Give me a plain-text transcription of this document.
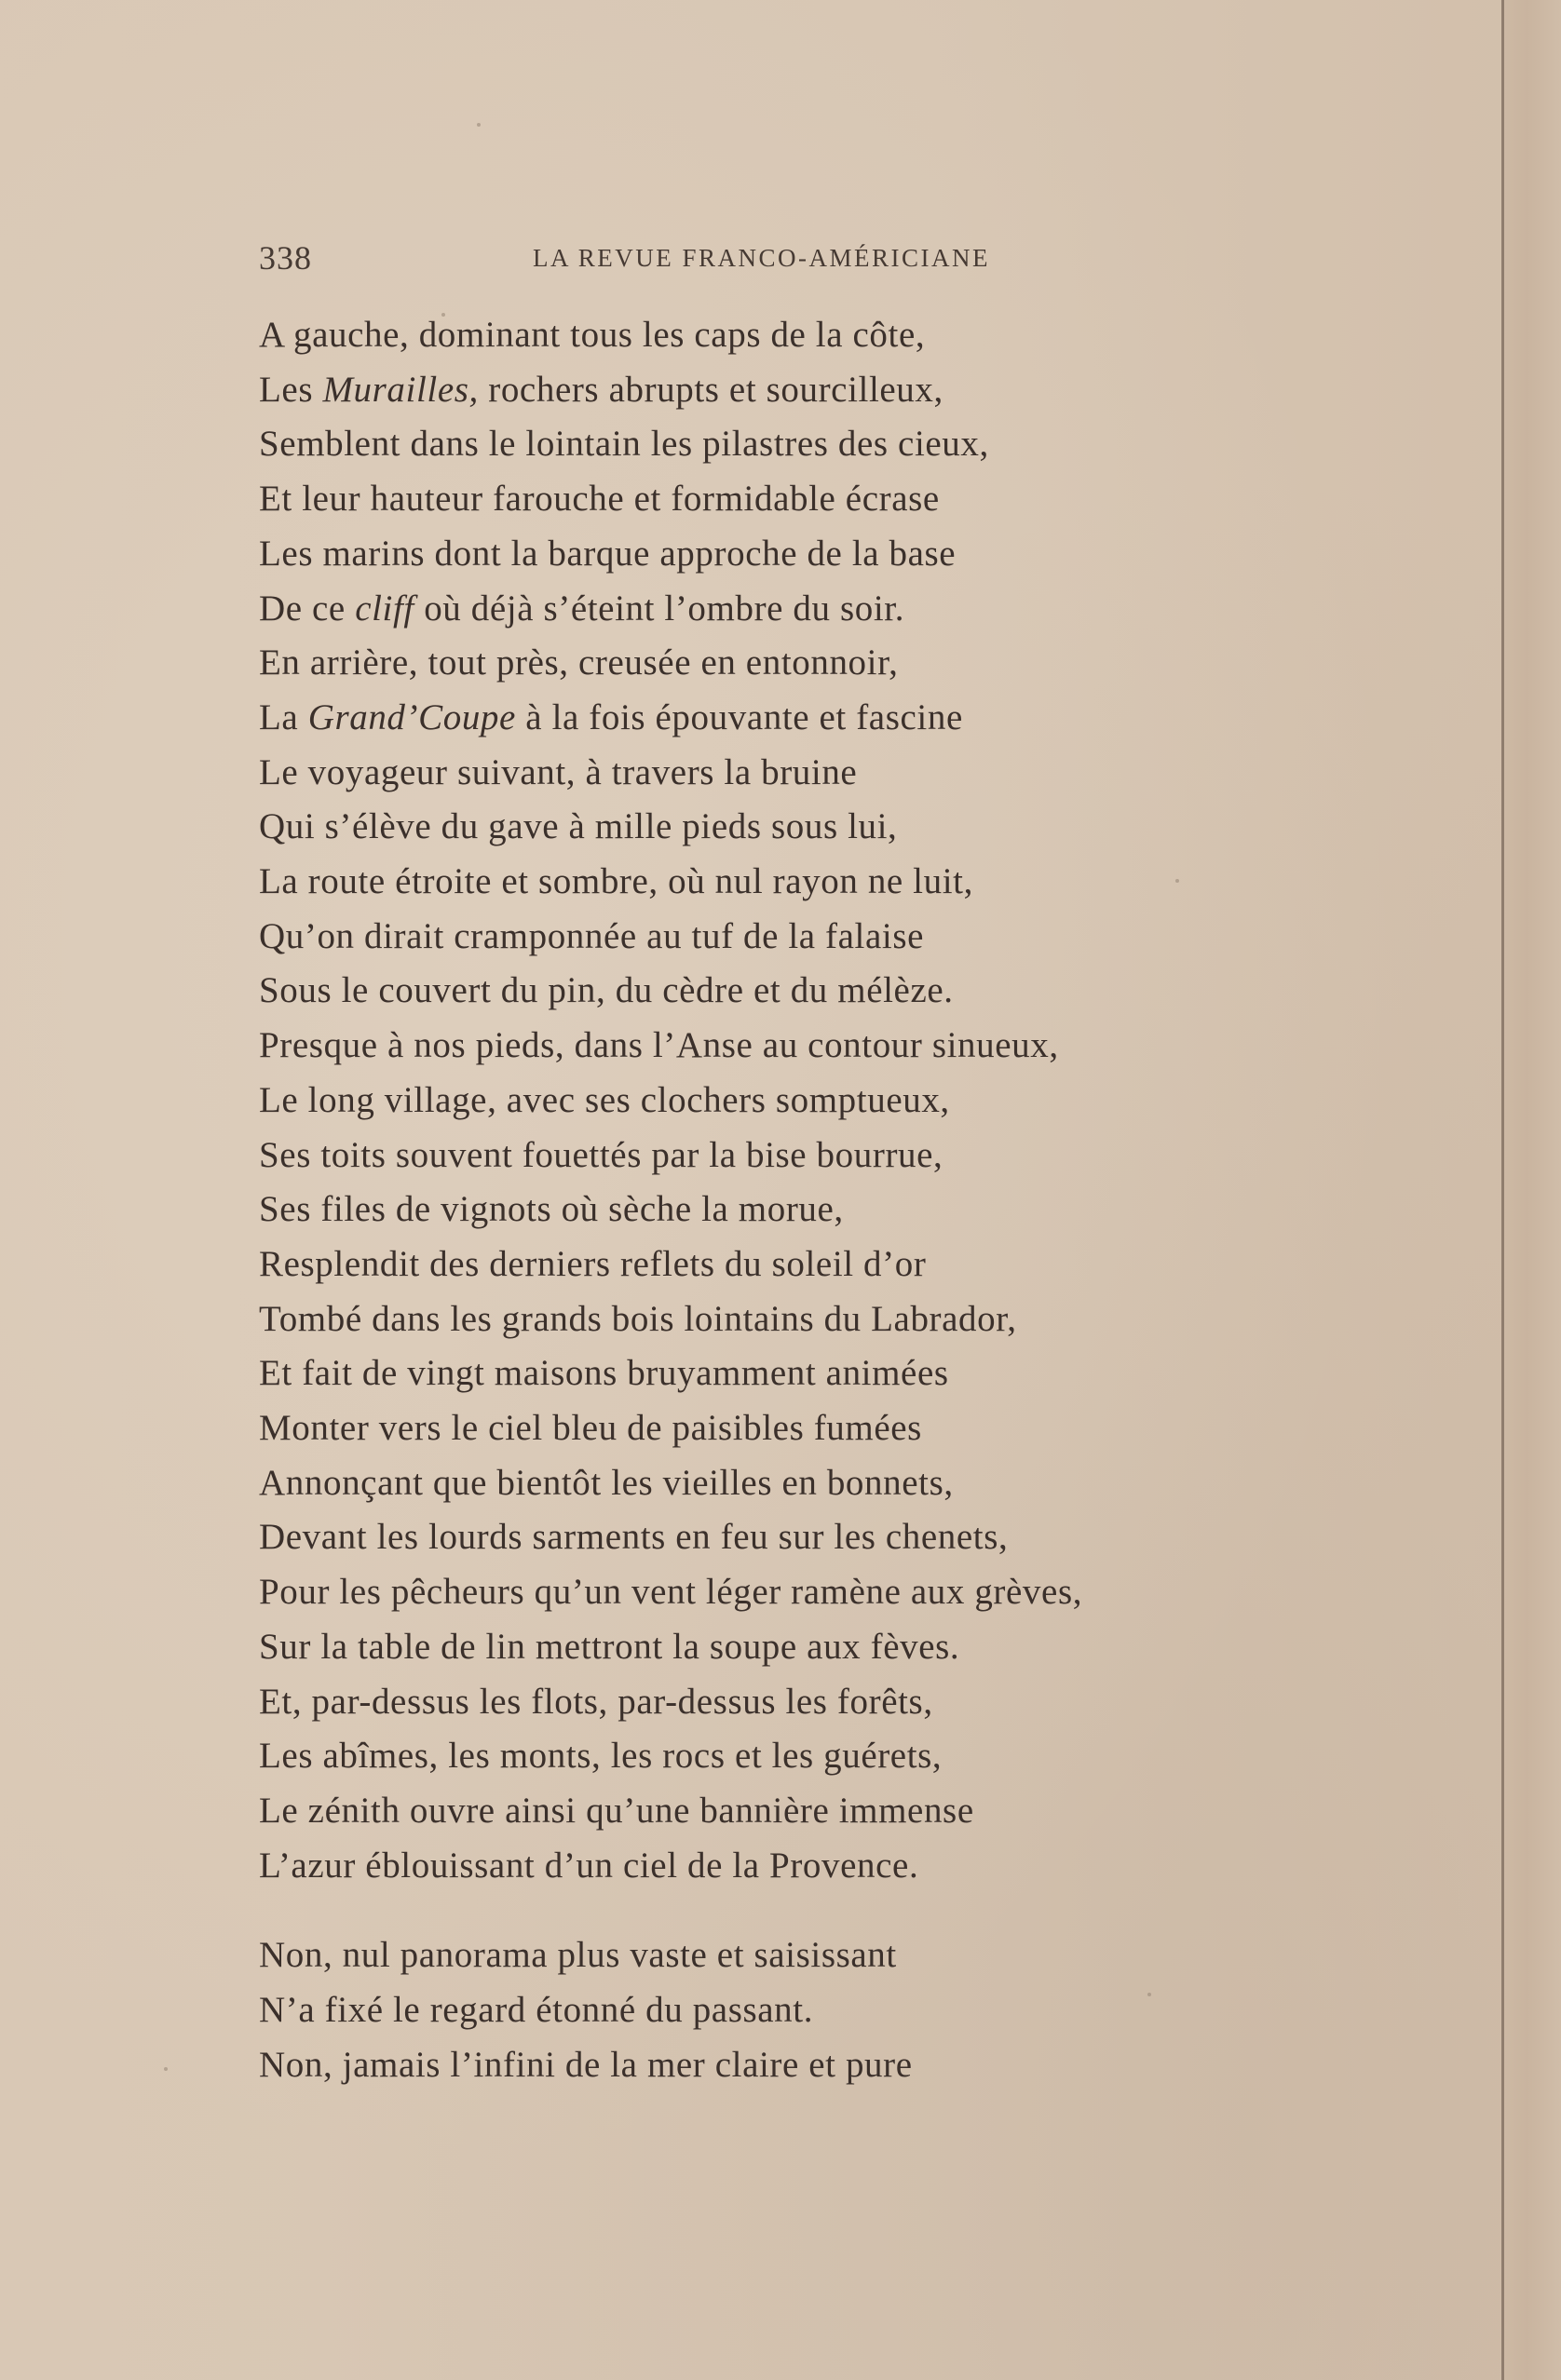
338	LA REVUE FRANCO-AMÉRICIANE
A gauche, dominant tous les caps de la côte,
Les Murailles, rochers abrupts et sourcilleux,
Semblent dans le lointain les pilastres des cieux,
Et leur hauteur farouche et formidable écrase
Les marins dont la barque approche de la base
De ce cliff où déjà s’éteint l’ombre du soir.
En arrière, tout près, creusée en entonnoir,
La Grand’Coupe à la fois épouvante et fascine
Le voyageur suivant, à travers la bruine
Qui s’élève du gave à mille pieds sous lui,
La route étroite et sombre, où nul rayon ne luit,
Qu’on dirait cramponnée au tuf de la falaise
Sous le couvert du pin, du cèdre et du mélèze.
Presque à nos pieds, dans l’Anse au contour sinueux,
Le long village, avec ses clochers somptueux,
Ses toits souvent fouettés par la bise bourrue,
Ses files de vignots où sèche la morue,
Resplendit des derniers reflets du soleil d’or
Tombé dans les grands bois lointains du Labrador,
Et fait de vingt maisons bruyamment animées
Monter vers le ciel bleu de paisibles fumées
Annonçant que bientôt les vieilles en bonnets,
Devant les lourds sarments en feu sur les chenets,
Pour les pêcheurs qu’un vent léger ramène aux grèves,
Sur la table de lin mettront la soupe aux fèves.
Et, par-dessus les flots, par-dessus les forêts,
Les abîmes, les monts, les rocs et les guérets,
Le zénith ouvre ainsi qu’une bannière immense
L’azur éblouissant d’un ciel de la Provence.
Non, nul panorama plus vaste et saisissant
N’a fixé le regard étonné du passant.
Non, jamais l’infini de la mer claire et pure
